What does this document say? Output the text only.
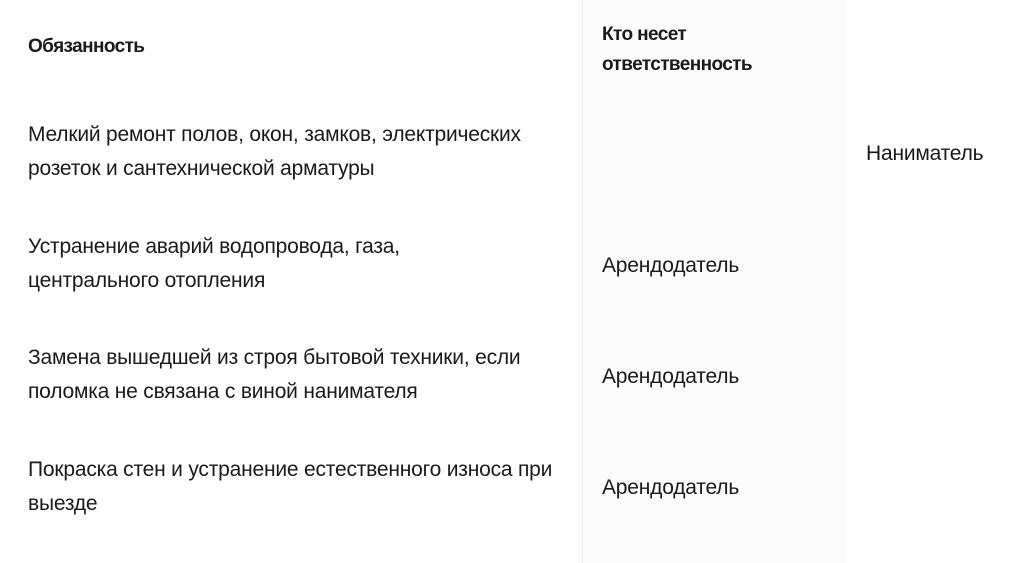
Обязанность
Кто несет ответственность
Мелкий ремонт полов, окон, замков, электрических розеток и сантехнической арматуры
Наниматель
Устранение аварий водопровода, газа, центрального отопления
Арендодатель
Замена вышедшей из строя бытовой техники, если поломка не связана с виной нанимателя
Арендодатель
Покраска стен и устранение естественного износа при выезде
Арендодатель
